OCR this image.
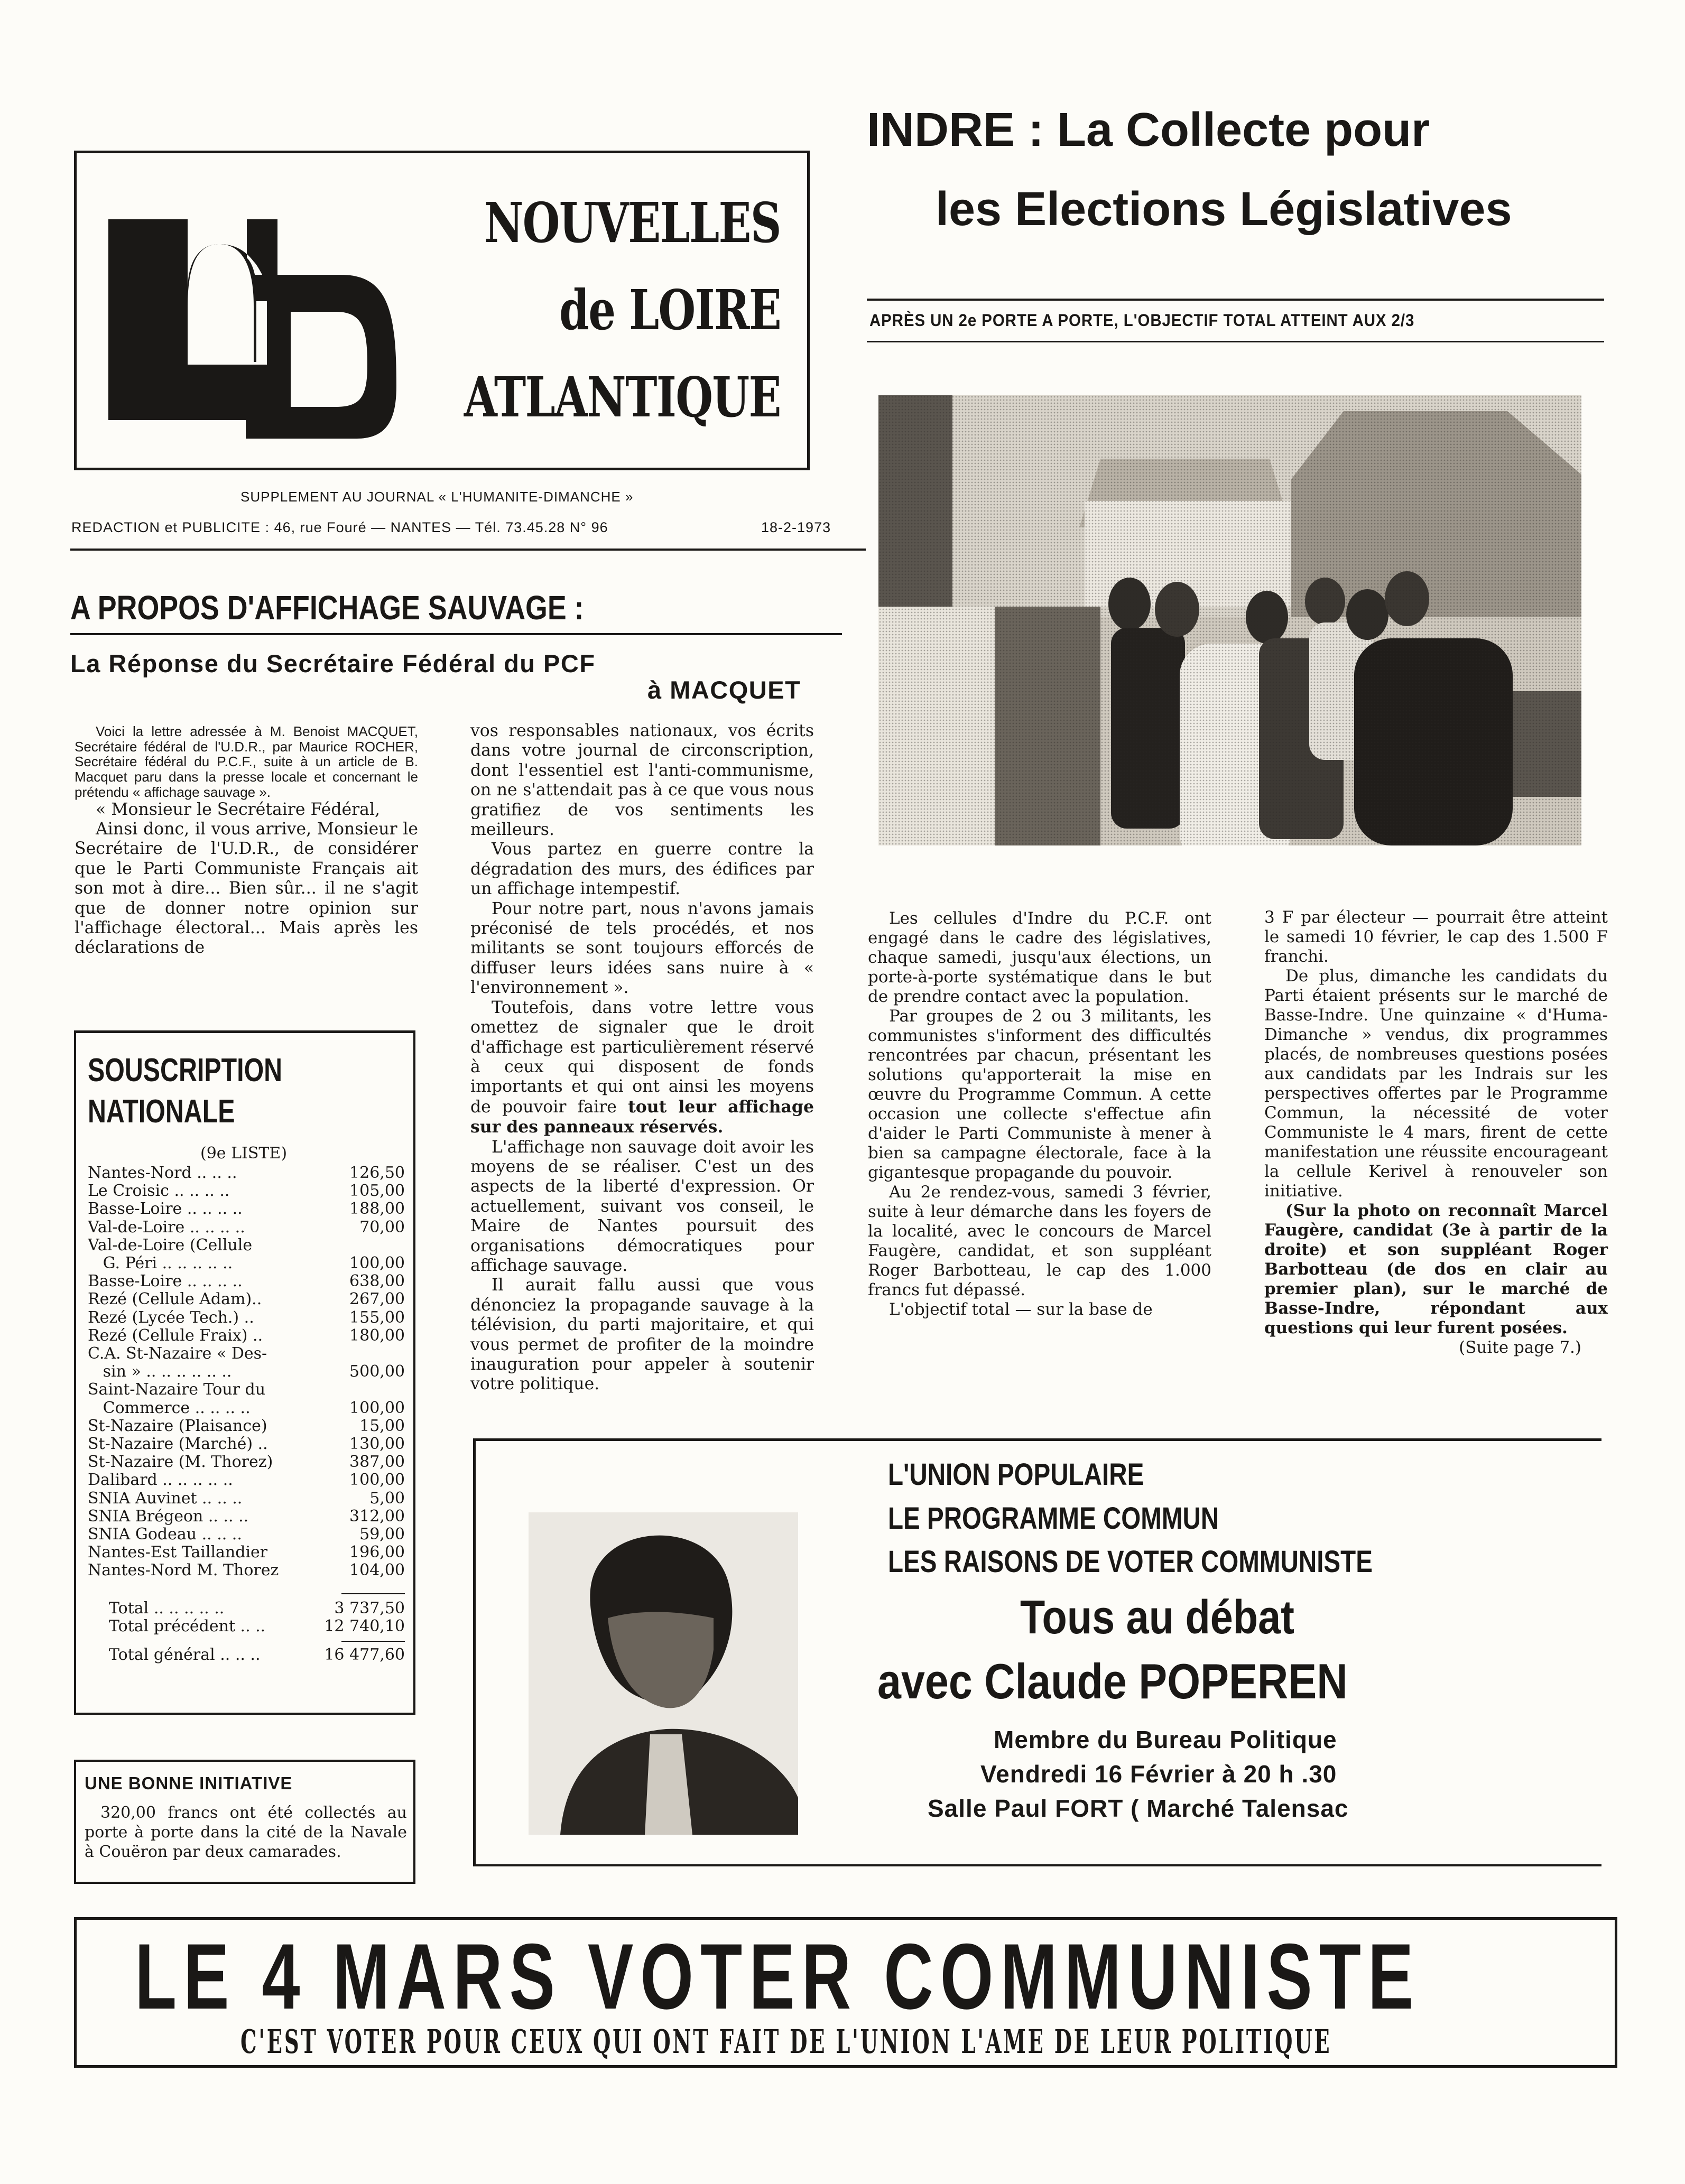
NOUVELLES
de LOIRE
ATLANTIQUE
SUPPLEMENT AU JOURNAL « L'HUMANITE-DIMANCHE »
REDACTION et PUBLICITE : 46, rue Fouré — NANTES — Tél. 73.45.28 N° 96	18-2-1973
A PROPOS D'AFFICHAGE SAUVAGE :
La Réponse du Secrétaire Fédéral du PCF
à MACQUET

Voici la lettre adressée à M. Benoist MACQUET, Secrétaire fédéral de l'U.D.R., par Maurice ROCHER, Secrétaire fédéral du P.C.F., suite à un article de B. Macquet paru dans la presse locale et concernant le prétendu « affichage sauvage ».

« Monsieur le Secrétaire Fédéral,

Ainsi donc, il vous arrive, Monsieur le Secrétaire de l'U.D.R., de considérer que le Parti Communiste Français ait son mot à dire... Bien sûr... il ne s'agit que de donner notre opinion sur l'affichage électoral... Mais après les déclarations de

vos responsables nationaux, vos écrits dans votre journal de circonscription, dont l'essentiel est l'anti-communisme, on ne s'attendait pas à ce que vous nous gratifiez de vos sentiments les meilleurs.

Vous partez en guerre contre la dégradation des murs, des édifices par un affichage intempestif.

Pour notre part, nous n'avons jamais préconisé de tels procédés, et nos militants se sont toujours efforcés de diffuser leurs idées sans nuire à « l'environnement ».

Toutefois, dans votre lettre vous omettez de signaler que le droit d'affichage est particulièrement réservé à ceux qui disposent de fonds importants et qui ont ainsi les moyens de pouvoir faire tout leur affichage sur des panneaux réservés.

L'affichage non sauvage doit avoir les moyens de se réaliser. C'est un des aspects de la liberté d'expression. Or actuellement, suivant vos conseil, le Maire de Nantes poursuit des organisations démocratiques pour affichage sauvage.

Il aurait fallu aussi que vous dénonciez la propagande sauvage à la télévision, du parti majoritaire, et qui vous permet de profiter de la moindre inauguration pour appeler à soutenir votre politique.

SOUSCRIPTION
NATIONALE
(9e LISTE)
Nantes-Nord .. .. ..	126,50
Le Croisic .. .. .. ..	105,00
Basse-Loire .. .. .. ..	188,00
Val-de-Loire .. .. .. ..	70,00
Val-de-Loire (Cellule
G. Péri .. .. .. .. ..	100,00
Basse-Loire .. .. .. ..	638,00
Rezé (Cellule Adam)..	267,00
Rezé (Lycée Tech.) ..	155,00
Rezé (Cellule Fraix) ..	180,00
C.A. St-Nazaire « Des-
sin » .. .. .. .. .. ..	500,00
Saint-Nazaire Tour du
Commerce .. .. .. ..	100,00
St-Nazaire (Plaisance)	15,00
St-Nazaire (Marché) ..	130,00
St-Nazaire (M. Thorez)	387,00
Dalibard .. .. .. .. ..	100,00
SNIA Auvinet .. .. ..	5,00
SNIA Brégeon .. .. ..	312,00
SNIA Godeau .. .. ..	59,00
Nantes-Est Taillandier	196,00
Nantes-Nord M. Thorez	104,00
Total .. .. .. .. ..	3 737,50
Total précédent .. ..	12 740,10
Total général .. .. ..	16 477,60
UNE BONNE INITIATIVE
320,00 francs ont été collectés au porte à porte dans la cité de la Navale à Couëron par deux camarades.
INDRE : La Collecte pour
les Elections Législatives
APRÈS UN 2e PORTE A PORTE, L'OBJECTIF TOTAL ATTEINT AUX 2/3

Les cellules d'Indre du P.C.F. ont engagé dans le cadre des législatives, chaque samedi, jusqu'aux élections, un porte-à-porte systématique dans le but de prendre contact avec la population.

Par groupes de 2 ou 3 militants, les communistes s'informent des difficultés rencontrées par chacun, présentant les solutions qu'apporterait la mise en œuvre du Programme Commun. A cette occasion une collecte s'effectue afin d'aider le Parti Communiste à mener à bien sa campagne électorale, face à la gigantesque propagande du pouvoir.

Au 2e rendez-vous, samedi 3 février, suite à leur démarche dans les foyers de la localité, avec le concours de Marcel Faugère, candidat, et son suppléant Roger Barbotteau, le cap des 1.000 francs fut dépassé.

L'objectif total — sur la base de

3 F par électeur — pourrait être atteint le samedi 10 février, le cap des 1.500 F franchi.

De plus, dimanche les candidats du Parti étaient présents sur le marché de Basse-Indre. Une quinzaine « d'Huma-Dimanche » vendus, dix programmes placés, de nombreuses questions posées aux candidats par les Indrais sur les perspectives offertes par le Programme Commun, la nécessité de voter Communiste le 4 mars, firent de cette manifestation une réussite encourageant la cellule Kerivel à renouveler son initiative.

(Sur la photo on reconnaît Marcel Faugère, candidat (3e à partir de la droite) et son suppléant Roger Barbotteau (de dos en clair au premier plan), sur le marché de Basse-Indre, répondant aux questions qui leur furent posées.

(Suite page 7.)

L'UNION POPULAIRE
LE PROGRAMME COMMUN
LES RAISONS DE VOTER COMMUNISTE
Tous au débat
avec Claude POPEREN
Membre du Bureau Politique
Vendredi 16 Février à 20 h .30
Salle Paul FORT ( Marché Talensac
LE 4 MARS VOTER COMMUNISTE
C'EST VOTER POUR CEUX QUI ONT FAIT DE L'UNION L'AME DE LEUR POLITIQUE
